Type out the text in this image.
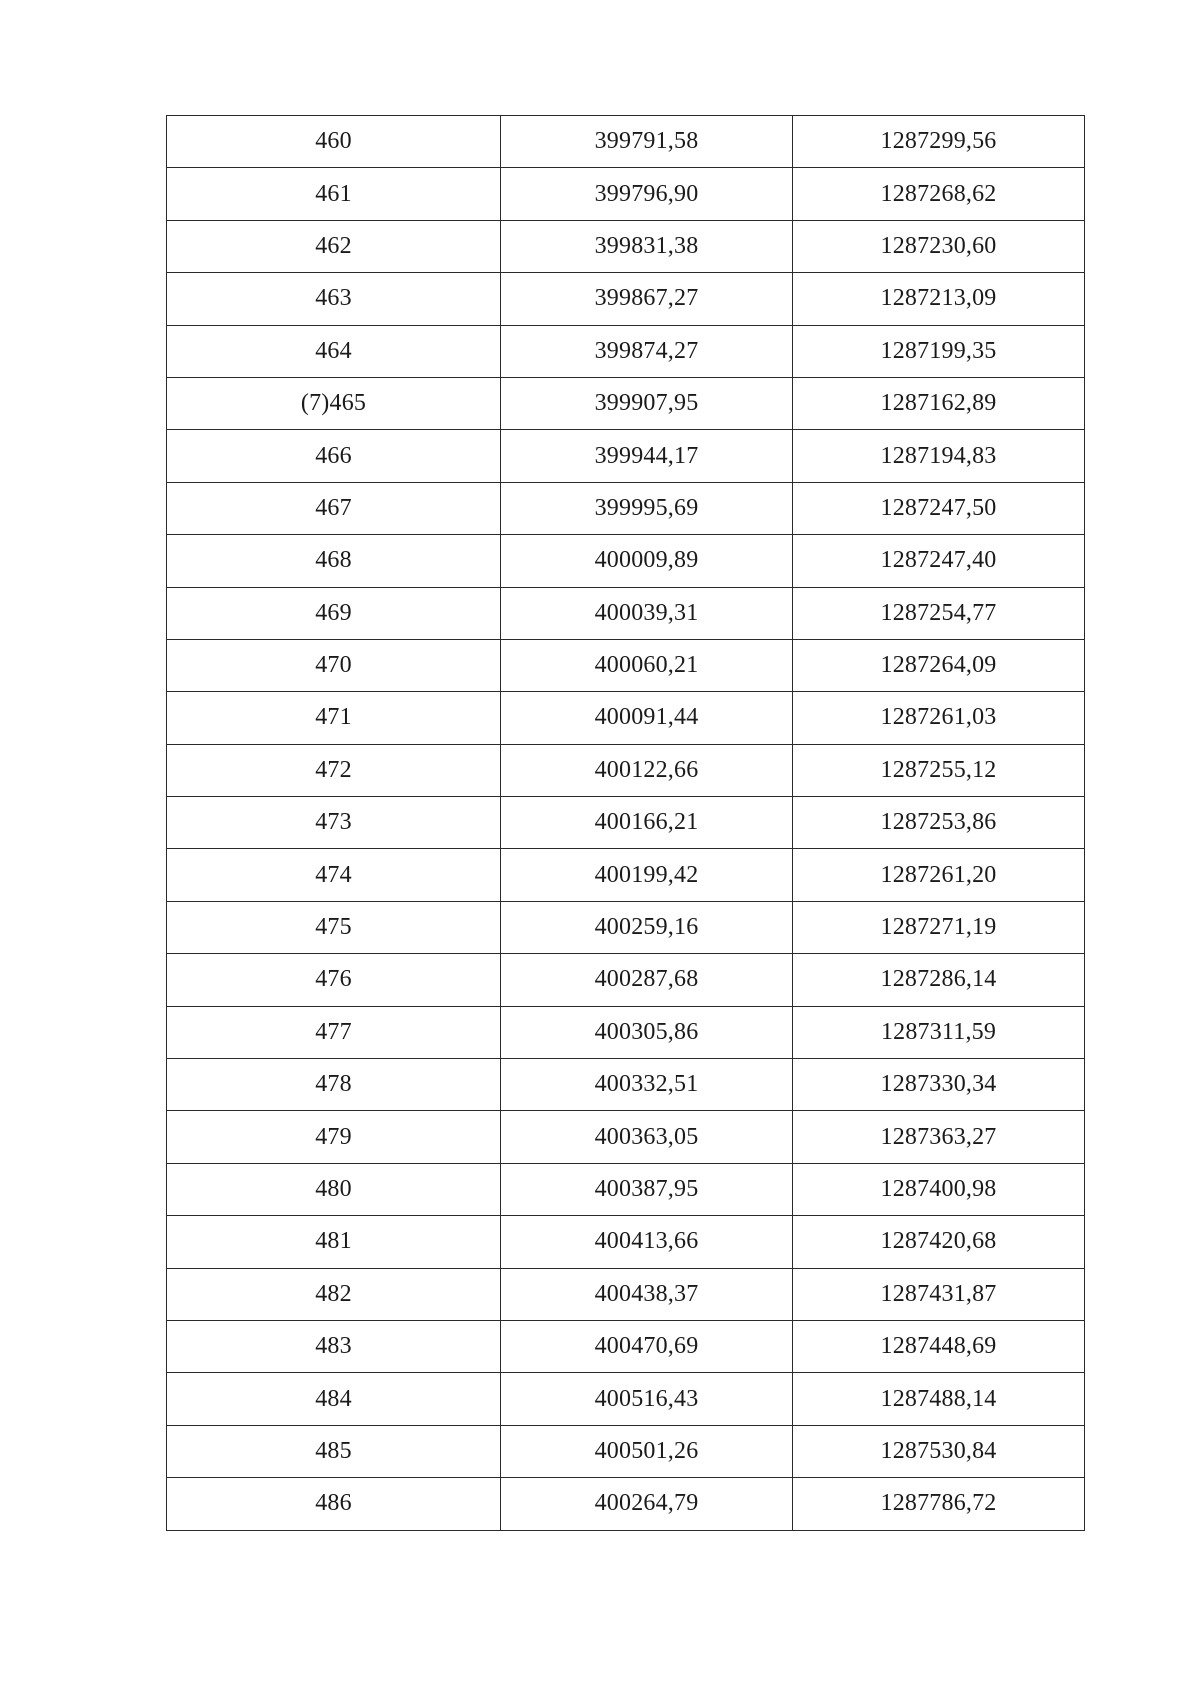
460	399791,58	1287299,56
461	399796,90	1287268,62
462	399831,38	1287230,60
463	399867,27	1287213,09
464	399874,27	1287199,35
(7)465	399907,95	1287162,89
466	399944,17	1287194,83
467	399995,69	1287247,50
468	400009,89	1287247,40
469	400039,31	1287254,77
470	400060,21	1287264,09
471	400091,44	1287261,03
472	400122,66	1287255,12
473	400166,21	1287253,86
474	400199,42	1287261,20
475	400259,16	1287271,19
476	400287,68	1287286,14
477	400305,86	1287311,59
478	400332,51	1287330,34
479	400363,05	1287363,27
480	400387,95	1287400,98
481	400413,66	1287420,68
482	400438,37	1287431,87
483	400470,69	1287448,69
484	400516,43	1287488,14
485	400501,26	1287530,84
486	400264,79	1287786,72
